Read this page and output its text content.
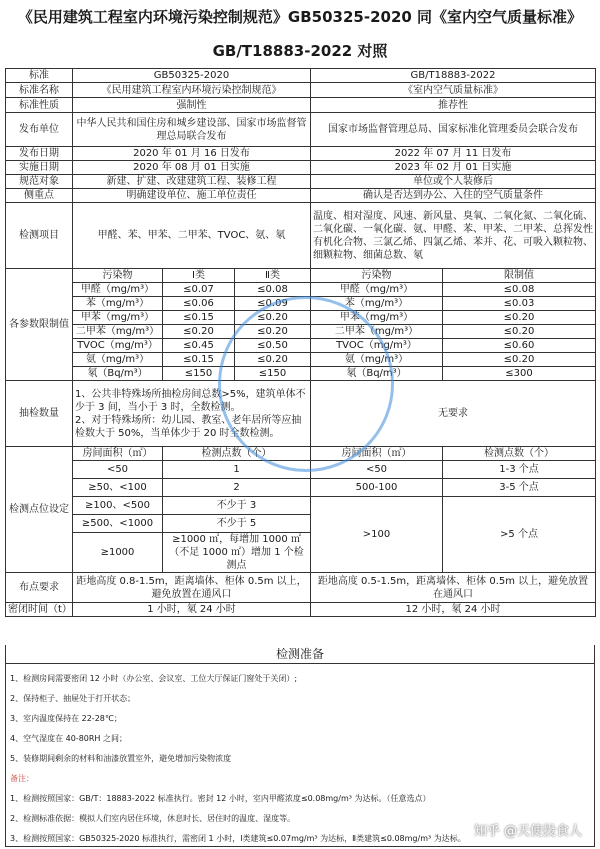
《民用建筑工程室内环境污染控制规范》GB50325-2020 同《室内空气质量标准》
GB/T18883-2022 对照
标准	GB50325-2020			GB/T18883-2022	
标准名称	《民用建筑工程室内环境污染控制规范》			《室内空气质量标准》	
标准性质	强制性			推荐性	
发布单位	中华人民共和国住房和城乡建设部、国家市场监督管理总局联合发布			国家市场监督管理总局、国家标准化管理委员会联合发布	
发布日期	2020 年 01 月 16 日发布			2022 年 07 月 11 日发布	
实施日期	2020 年 08 月 01 日实施			2023 年 02 月 01 日实施	
规范对象	新建、扩建、改建建筑工程、装修工程			单位或个人装修后	
侧重点	明确建设单位、施工单位责任			确认是否达到办公、入住的空气质量条件	
检测项目	甲醛、苯、甲苯、二甲苯、TVOC、氨、氡			温度、相对湿度、风速、新风量、臭氧、二氧化氮、二氧化硫、二氧化碳、一氧化碳、氨、甲醛、苯、甲苯、二甲苯、总挥发性有机化合物、三氯乙烯、四氯乙烯、苯并、花、可吸入颗粒物、细颗粒物、细菌总数、氡	
各参数限制值	污染物	Ⅰ类	Ⅱ类	污染物	限制值
	甲醛（mg/m³）	≤0.07	≤0.08	甲醛（mg/m³）	≤0.08
	苯（mg/m³）	≤0.06	≤0.09	苯（mg/m³）	≤0.03
	甲苯（mg/m³）	≤0.15	≤0.20	甲苯（mg/m³）	≤0.20
	二甲苯（mg/m³）	≤0.20	≤0.20	二甲苯（mg/m³）	≤0.20
	TVOC（mg/m³）	≤0.45	≤0.50	TVOC（mg/m³）	≤0.60
	氨（mg/m³）	≤0.15	≤0.20	氨（mg/m³）	≤0.20
	氡（Bq/m³）	≤150	≤150	氡（Bq/m³）	≤300
抽检数量	1、公共非特殊场所抽检房间总数>5%，建筑单体不少于 3 间，当小于 3 时，全数检测。
2、对于特殊场所：幼儿园、教室、老年居所等应抽检数大于 50%，当单体少于 20 时全数检测。			无要求	
检测点位设定	房间面积（㎡）	检测点数（个）		房间面积（㎡）	检测点数（个）
	<50	1		<50	1-3 个点
	≥50、<100	2		500-100	3-5 个点
	≥100、<500	不少于 3		>100	>5 个点
	≥500、<1000	不少于 5			
	≥1000	≥1000 ㎡，每增加 1000 ㎡（不足 1000 ㎡）增加 1 个检测点			
布点要求	距地高度 0.8-1.5m，距离墙体、柜体 0.5m 以上，避免放置在通风口			距地高度 0.5-1.5m，距离墙体、柜体 0.5m 以上，避免放置在通风口	
密闭时间（t）	1 小时，氡 24 小时			12 小时，氡 24 小时	
检测准备
1、检测房间需要密闭 12 小时（办公室、会议室、工位大厅保证门窗处于关闭）;
2、保持柜子、抽屉处于打开状态；
3、室内温度保持在 22-28℃；
4、空气湿度在 40-80RH 之间；
5、装修期间剩余的材料和油漆放置室外，避免增加污染物浓度
备注：
1、检测按照国家：GB/T：18883-2022 标准执行。密封 12 小时，室内甲醛浓度≤0.08mg/m³ 为达标。（任意选点）
2、检测标准依据：模拟人们室内居住环境，休息时长、居住时的温度、湿度等。
3、检测按照国家：GB50325-2020 标准执行，需密闭 1 小时，Ⅰ类建筑≤0.07mg/m³ 为达标，Ⅱ类建筑≤0.08mg/m³ 为达标。 知乎 @天使投食人
